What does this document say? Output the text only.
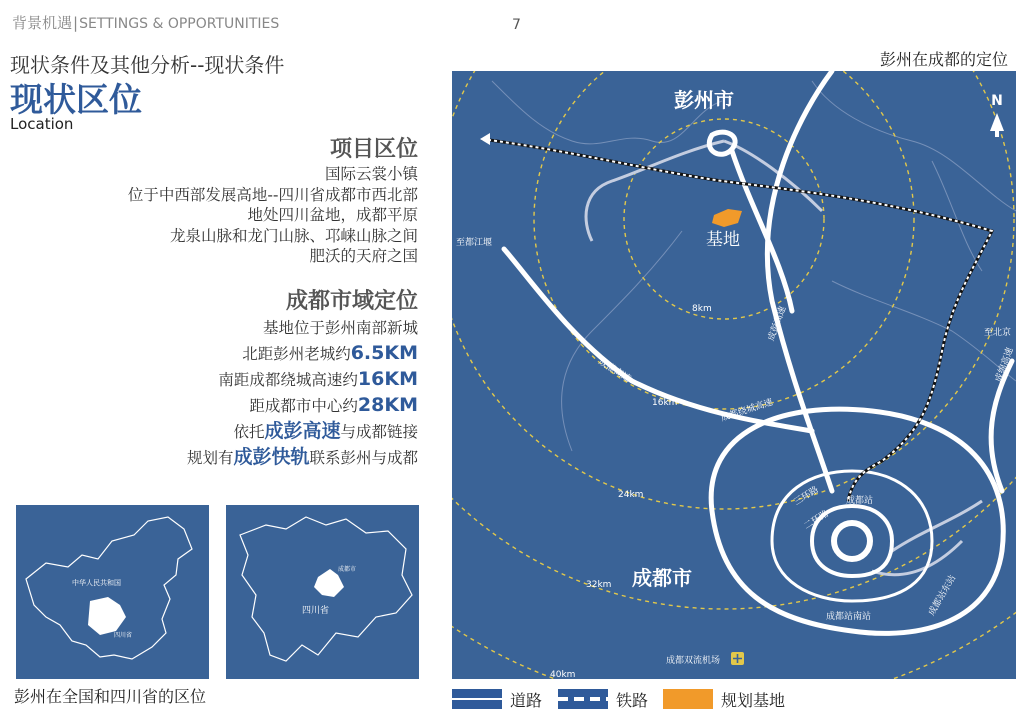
背景机遇|SETTINGS & OPPORTUNITIES	7
现状条件及其他分析--现状条件
现状区位
Location
项目区位
国际云裳小镇
位于中西部发展高地--四川省成都市西北部
地处四川盆地，成都平原
龙泉山脉和龙门山脉、邛崃山脉之间
肥沃的天府之国
成都市域定位
基地位于彭州南部新城
北距彭州老城约6.5KM
南距成都绕城高速约16KM
距成都市中心约28KM
依托成彭高速与成都链接
规划有成彭快轨联系彭州与成都
中华人民共和国
四川省
成都市
四川省
彭州在全国和四川省的区位
彭州在成都的定位
N
彭州市
基地
成都市
至都江堰
至北京
8km
16km
24km
32km
40km
成彭高速
成灌高速
成都绕城高速
成绵高速
三环路
二环路
成都站
成都站南站	成都站东站
成都双流机场
道路	铁路	规划基地
